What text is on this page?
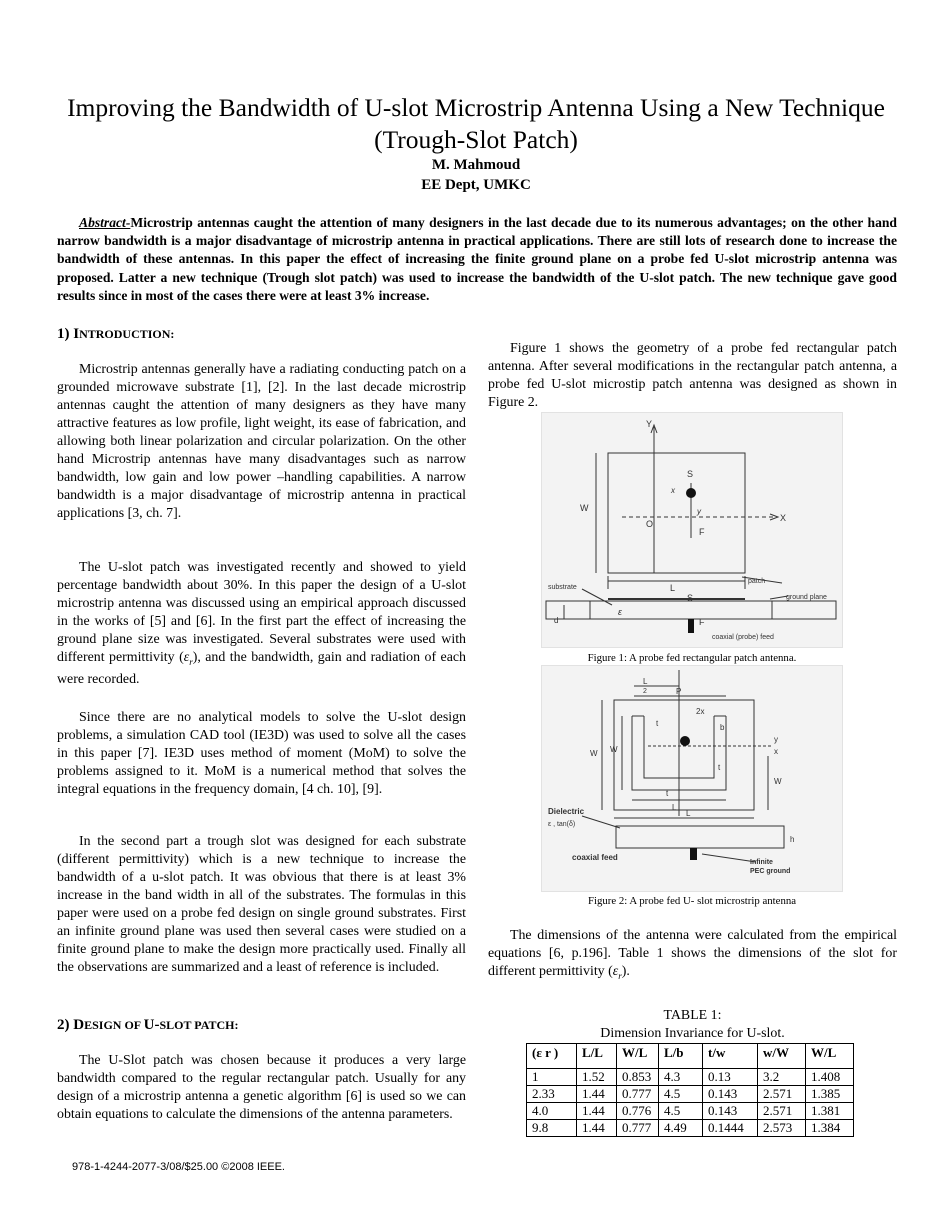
Improving the Bandwidth of U-slot Microstrip Antenna Using a New Technique (Trough-Slot Patch)
M. Mahmoud
EE Dept, UMKC
Abstract-Microstrip antennas caught the attention of many designers in the last decade due to its numerous advantages; on the other hand narrow bandwidth is a major disadvantage of microstrip antenna in practical applications. There are still lots of research done to increase the bandwidth of these antennas. In this paper the effect of increasing the finite ground plane on a probe fed U-slot microstrip antenna was proposed. Latter a new technique (Trough slot patch) was used to increase the bandwidth of the U-slot patch. The new technique gave good results since in most of the cases there were at least 3% increase.
1) INTRODUCTION:

Microstrip antennas generally have a radiating conducting patch on a grounded microwave substrate [1], [2]. In the last decade microstrip antennas caught the attention of many designers as they have many attractive features as low profile, light weight, its ease of fabrication, and allowing both linear polarization and circular polarization. On the other hand Microstrip antennas have many disadvantages such as narrow bandwidth, low gain and low power –handling capabilities. A narrow bandwidth is a major disadvantage of microstrip antenna in practical applications [3, ch. 7].

The U-slot patch was investigated recently and showed to yield percentage bandwidth about 30%. In this paper the design of a U-slot microstrip antenna was discussed using an empirical approach discussed in the works of [5] and [6]. In the first part the effect of increasing the ground plane size was investigated. Several substrates were used with different permittivity $(\varepsilon_r)$, and the bandwidth, gain and radiation of each were recorded.

Since there are no analytical models to solve the U-slot design problems, a simulation CAD tool (IE3D) was used to solve all the cases in this paper [7]. IE3D uses method of moment (MoM) to solve the problems assigned to it. MoM is a numerical method that solves the integral equations in the frequency domain, [4 ch. 10], [9].

In the second part a trough slot was designed for each substrate (different permittivity) which is a new technique to increase the bandwidth of a u-slot patch. It was obvious that there is at least 3% increase in the band width in all of the substrates. The formulas in this paper were used on a probe fed design on single ground substrates. First an infinite ground plane was used then several cases were studied on a finite ground plane to make the design more practically used. Finally all the observations are summarized and a least of reference is included.

2) DESIGN OF U-SLOT PATCH:

The U-Slot patch was chosen because it produces a very large bandwidth compared to the regular rectangular patch. Usually for any design of a microstrip antenna a genetic algorithm [6] is used so we can obtain equations to calculate the dimensions of the antenna parameters.

Figure 1 shows the geometry of a probe fed rectangular patch antenna. After several modifications in the rectangular patch antenna, a probe fed U-slot microstip patch antenna was designed as shown in Figure 2.

Y
X
O
W
L
S
S
F
F
d
x
y
substrate
patch
ground plane
coaxial (probe) feed
ε
Figure 1: A probe fed rectangular patch antenna.
L
2	P
2x
b
t
t
t
W W
L
y
x
W
L
h
Dielectric
ε , tan(δ)
coaxial feed
Infinite
PEC ground
Figure 2: A probe fed U- slot microstrip antenna

The dimensions of the antenna were calculated from the empirical equations [6, p.196]. Table 1 shows the dimensions of the slot for different permittivity $(\varepsilon_r)$.

TABLE 1:
Dimension Invariance for U-slot.
(ε r )	L/L	W/L	L/b	t/w	w/W	W/L
1	1.52	0.853	4.3	0.13	3.2	1.408
2.33	1.44	0.777	4.5	0.143	2.571	1.385
4.0	1.44	0.776	4.5	0.143	2.571	1.381
9.8	1.44	0.777	4.49	0.1444	2.573	1.384
978-1-4244-2077-3/08/$25.00 ©2008 IEEE.
